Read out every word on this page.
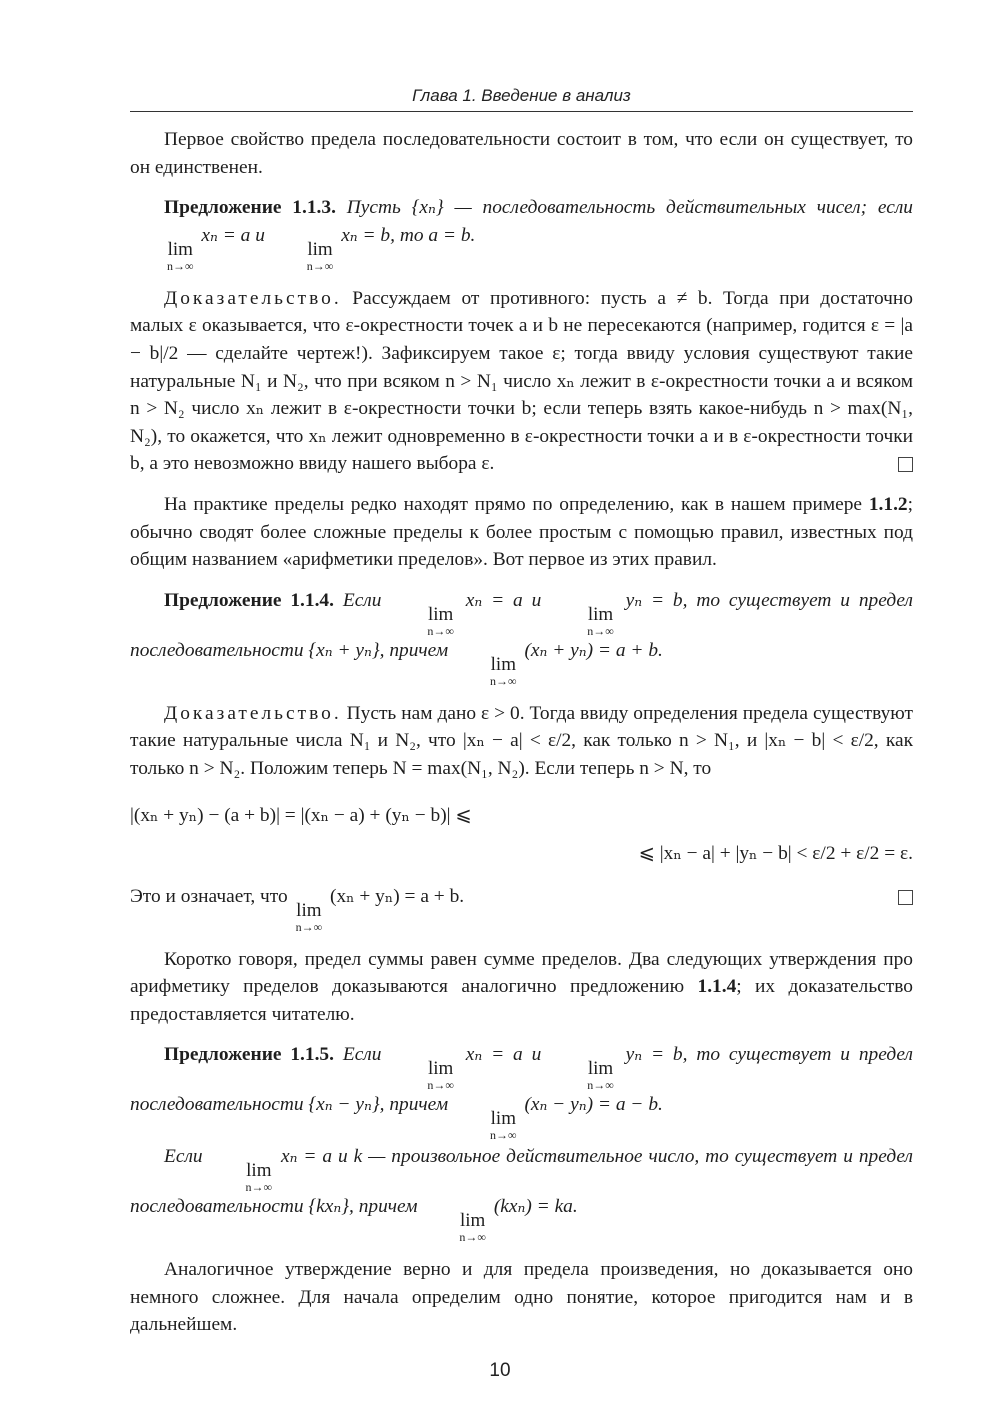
Глава 1. Введение в анализ

Первое свойство предела последовательности состоит в том, что если он существует, то он единственен.

Предложение 1.1.3. Пусть {xₙ} — последовательность действительных чисел; если
lim
n→∞
xₙ = a и
lim
n→∞
xₙ = b, то a = b.

Доказательство. Рассуждаем от противного: пусть a ≠ b. Тогда при достаточно малых ε оказывается, что ε-окрестности точек a и b не пересекаются (например, годится ε = |a − b|/2 — сделайте чертеж!). Зафиксируем такое ε; тогда ввиду условия существуют такие натуральные N₁ и N₂, что при всяком n > N₁ число xₙ лежит в ε-окрестности точки a и всяком n > N₂ число xₙ лежит в ε-окрестности точки b; если теперь взять какое-нибудь n > max(N₁, N₂), то окажется, что xₙ лежит одновременно в ε-окрестности точки a и в ε-окрестности точки b, а это невозможно ввиду нашего выбора ε.

На практике пределы редко находят прямо по определению, как в нашем примере 1.1.2; обычно сводят более сложные пределы к более простым с помощью правил, известных под общим названием «арифметики пределов». Вот первое из этих правил.

Предложение 1.1.4. Если
lim
n→∞
xₙ = a и
lim
n→∞
yₙ = b, то существует и предел последовательности {xₙ + yₙ}, причем
lim
n→∞
(xₙ + yₙ) = a + b.

Доказательство. Пусть нам дано ε > 0. Тогда ввиду определения предела существуют такие натуральные числа N₁ и N₂, что |xₙ − a| < ε/2, как только n > N₁, и |xₙ − b| < ε/2, как только n > N₂. Положим теперь N = max(N₁, N₂). Если теперь n > N, то

|(xₙ + yₙ) − (a + b)| = |(xₙ − a) + (yₙ − b)| ⩽
⩽ |xₙ − a| + |yₙ − b| < ε/2 + ε/2 = ε.

Это и означает, что
lim
n→∞
(xₙ + yₙ) = a + b.

Коротко говоря, предел суммы равен сумме пределов. Два следующих утверждения про арифметику пределов доказываются аналогично предложению 1.1.4; их доказательство предоставляется читателю.

Предложение 1.1.5. Если
lim
n→∞
xₙ = a и
lim
n→∞
yₙ = b, то существует и предел последовательности {xₙ − yₙ}, причем
lim
n→∞
(xₙ − yₙ) = a − b.

Если
lim
n→∞
xₙ = a и k — произвольное действительное число, то существует и предел последовательности {kxₙ}, причем
lim
n→∞
(kxₙ) = ka.

Аналогичное утверждение верно и для предела произведения, но доказывается оно немного сложнее. Для начала определим одно понятие, которое пригодится нам и в дальнейшем.

10
